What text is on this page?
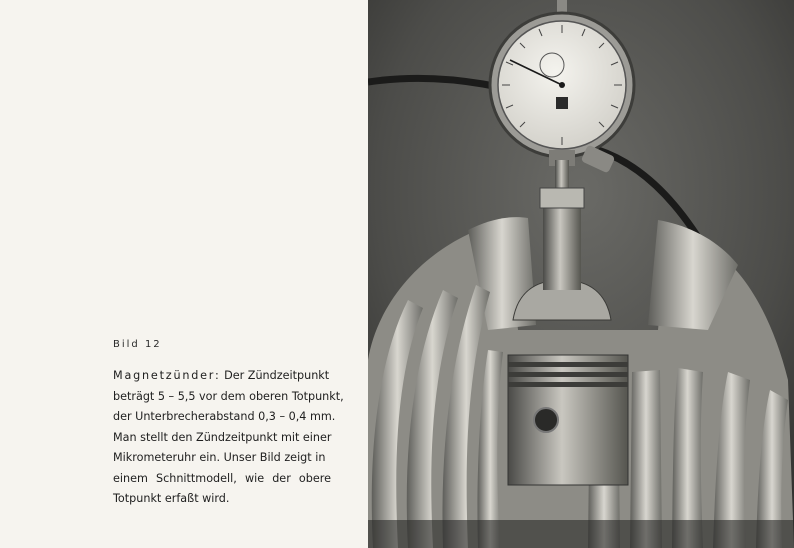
Bild 12
Magnetzünder: Der Zündzeitpunkt
beträgt 5 – 5,5 vor dem oberen Totpunkt,
der Unterbrecherabstand 0,3 – 0,4 mm.
Man stellt den Zündzeitpunkt mit einer
Mikrometeruhr ein. Unser Bild zeigt in
einem Schnittmodell, wie der obere
Totpunkt erfaßt wird.
